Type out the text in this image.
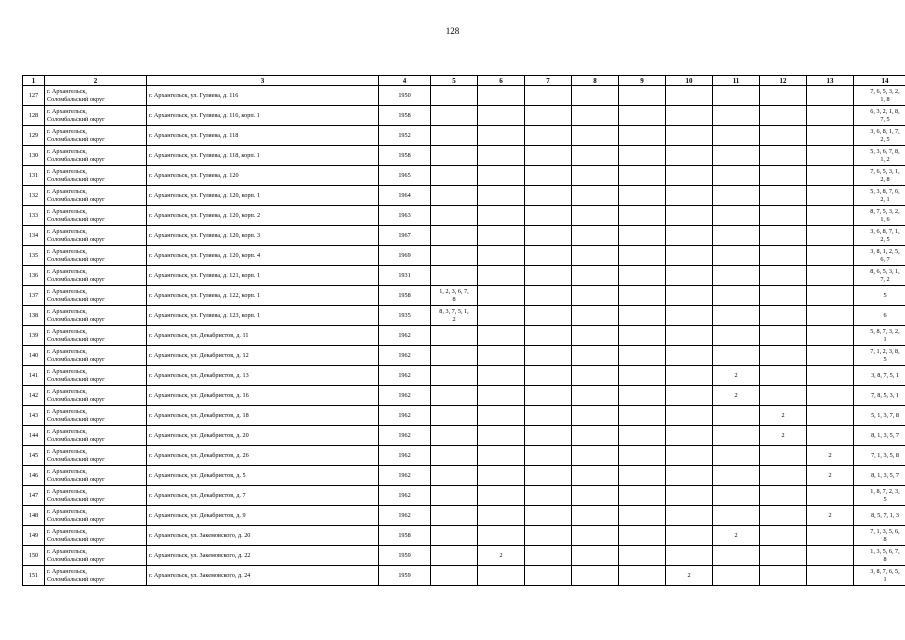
128
1	2	3	4	5	6	7	8	9	10	11	12	13	14
127	г. Архангельск,
Соломбальский округ	г. Архангельск, ул. Гуляева, д. 116	1950										7, 6, 5, 3, 2,
1, 8
128	г. Архангельск,
Соломбальский округ	г. Архангельск, ул. Гуляева, д. 116, корп. 1	1958										6, 3, 2, 1, 8,
7, 5
129	г. Архангельск,
Соломбальский округ	г. Архангельск, ул. Гуляева, д. 118	1952										3, 6, 8, 1, 7,
2, 5
130	г. Архангельск,
Соломбальский округ	г. Архангельск, ул. Гуляева, д. 118, корп. 1	1958										5, 3, 6, 7, 8,
1, 2
131	г. Архангельск,
Соломбальский округ	г. Архангельск, ул. Гуляева, д. 120	1965										7, 6, 5, 3, 1,
2, 8
132	г. Архангельск,
Соломбальский округ	г. Архангельск, ул. Гуляева, д. 120, корп. 1	1964										5, 3, 8, 7, 6,
2, 1
133	г. Архангельск,
Соломбальский округ	г. Архангельск, ул. Гуляева, д. 120, корп. 2	1963										8, 7, 5, 3, 2,
1, 6
134	г. Архангельск,
Соломбальский округ	г. Архангельск, ул. Гуляева, д. 120, корп. 3	1967										3, 6, 8, 7, 1,
2, 5
135	г. Архангельск,
Соломбальский округ	г. Архангельск, ул. Гуляева, д. 120, корп. 4	1969										3, 8, 1, 2, 5,
6, 7
136	г. Архангельск,
Соломбальский округ	г. Архангельск, ул. Гуляева, д. 121, корп. 1	1931										8, 6, 5, 3, 1,
7, 2
137	г. Архангельск,
Соломбальский округ	г. Архангельск, ул. Гуляева, д. 122, корп. 1	1958	1, 2, 3, 6, 7,
8									5
138	г. Архангельск,
Соломбальский округ	г. Архангельск, ул. Гуляева, д. 123, корп. 1	1935	8, 3, 7, 5, 1,
2									6
139	г. Архангельск,
Соломбальский округ	г. Архангельск, ул. Декабристов, д. 11	1962										5, 8, 7, 3, 2,
1
140	г. Архангельск,
Соломбальский округ	г. Архангельск, ул. Декабристов, д. 12	1962										7, 1, 2, 3, 8,
5
141	г. Архангельск,
Соломбальский округ	г. Архангельск, ул. Декабристов, д. 13	1962							2			3, 8, 7, 5, 1
142	г. Архангельск,
Соломбальский округ	г. Архангельск, ул. Декабристов, д. 16	1962							2			7, 8, 5, 3, 1
143	г. Архангельск,
Соломбальский округ	г. Архангельск, ул. Декабристов, д. 18	1962								2		5, 1, 3, 7, 8
144	г. Архангельск,
Соломбальский округ	г. Архангельск, ул. Декабристов, д. 20	1962								2		8, 1, 3, 5, 7
145	г. Архангельск,
Соломбальский округ	г. Архангельск, ул. Декабристов, д. 26	1962									2	7, 1, 3, 5, 8
146	г. Архангельск,
Соломбальский округ	г. Архангельск, ул. Декабристов, д. 5	1962									2	8, 1, 3, 5, 7
147	г. Архангельск,
Соломбальский округ	г. Архангельск, ул. Декабристов, д. 7	1962										1, 8, 7, 2, 3,
5
148	г. Архангельск,
Соломбальский округ	г. Архангельск, ул. Декабристов, д. 9	1962									2	8, 5, 7, 1, 3
149	г. Архангельск,
Соломбальский округ	г. Архангельск, ул. Закемовского, д. 20	1958							2			7, 1, 3, 5, 6,
8
150	г. Архангельск,
Соломбальский округ	г. Архангельск, ул. Закемовского, д. 22	1959		2								1, 3, 5, 6, 7,
8
151	г. Архангельск,
Соломбальский округ	г. Архангельск, ул. Закемовского, д. 24	1959						2				3, 8, 7, 6, 5,
1
